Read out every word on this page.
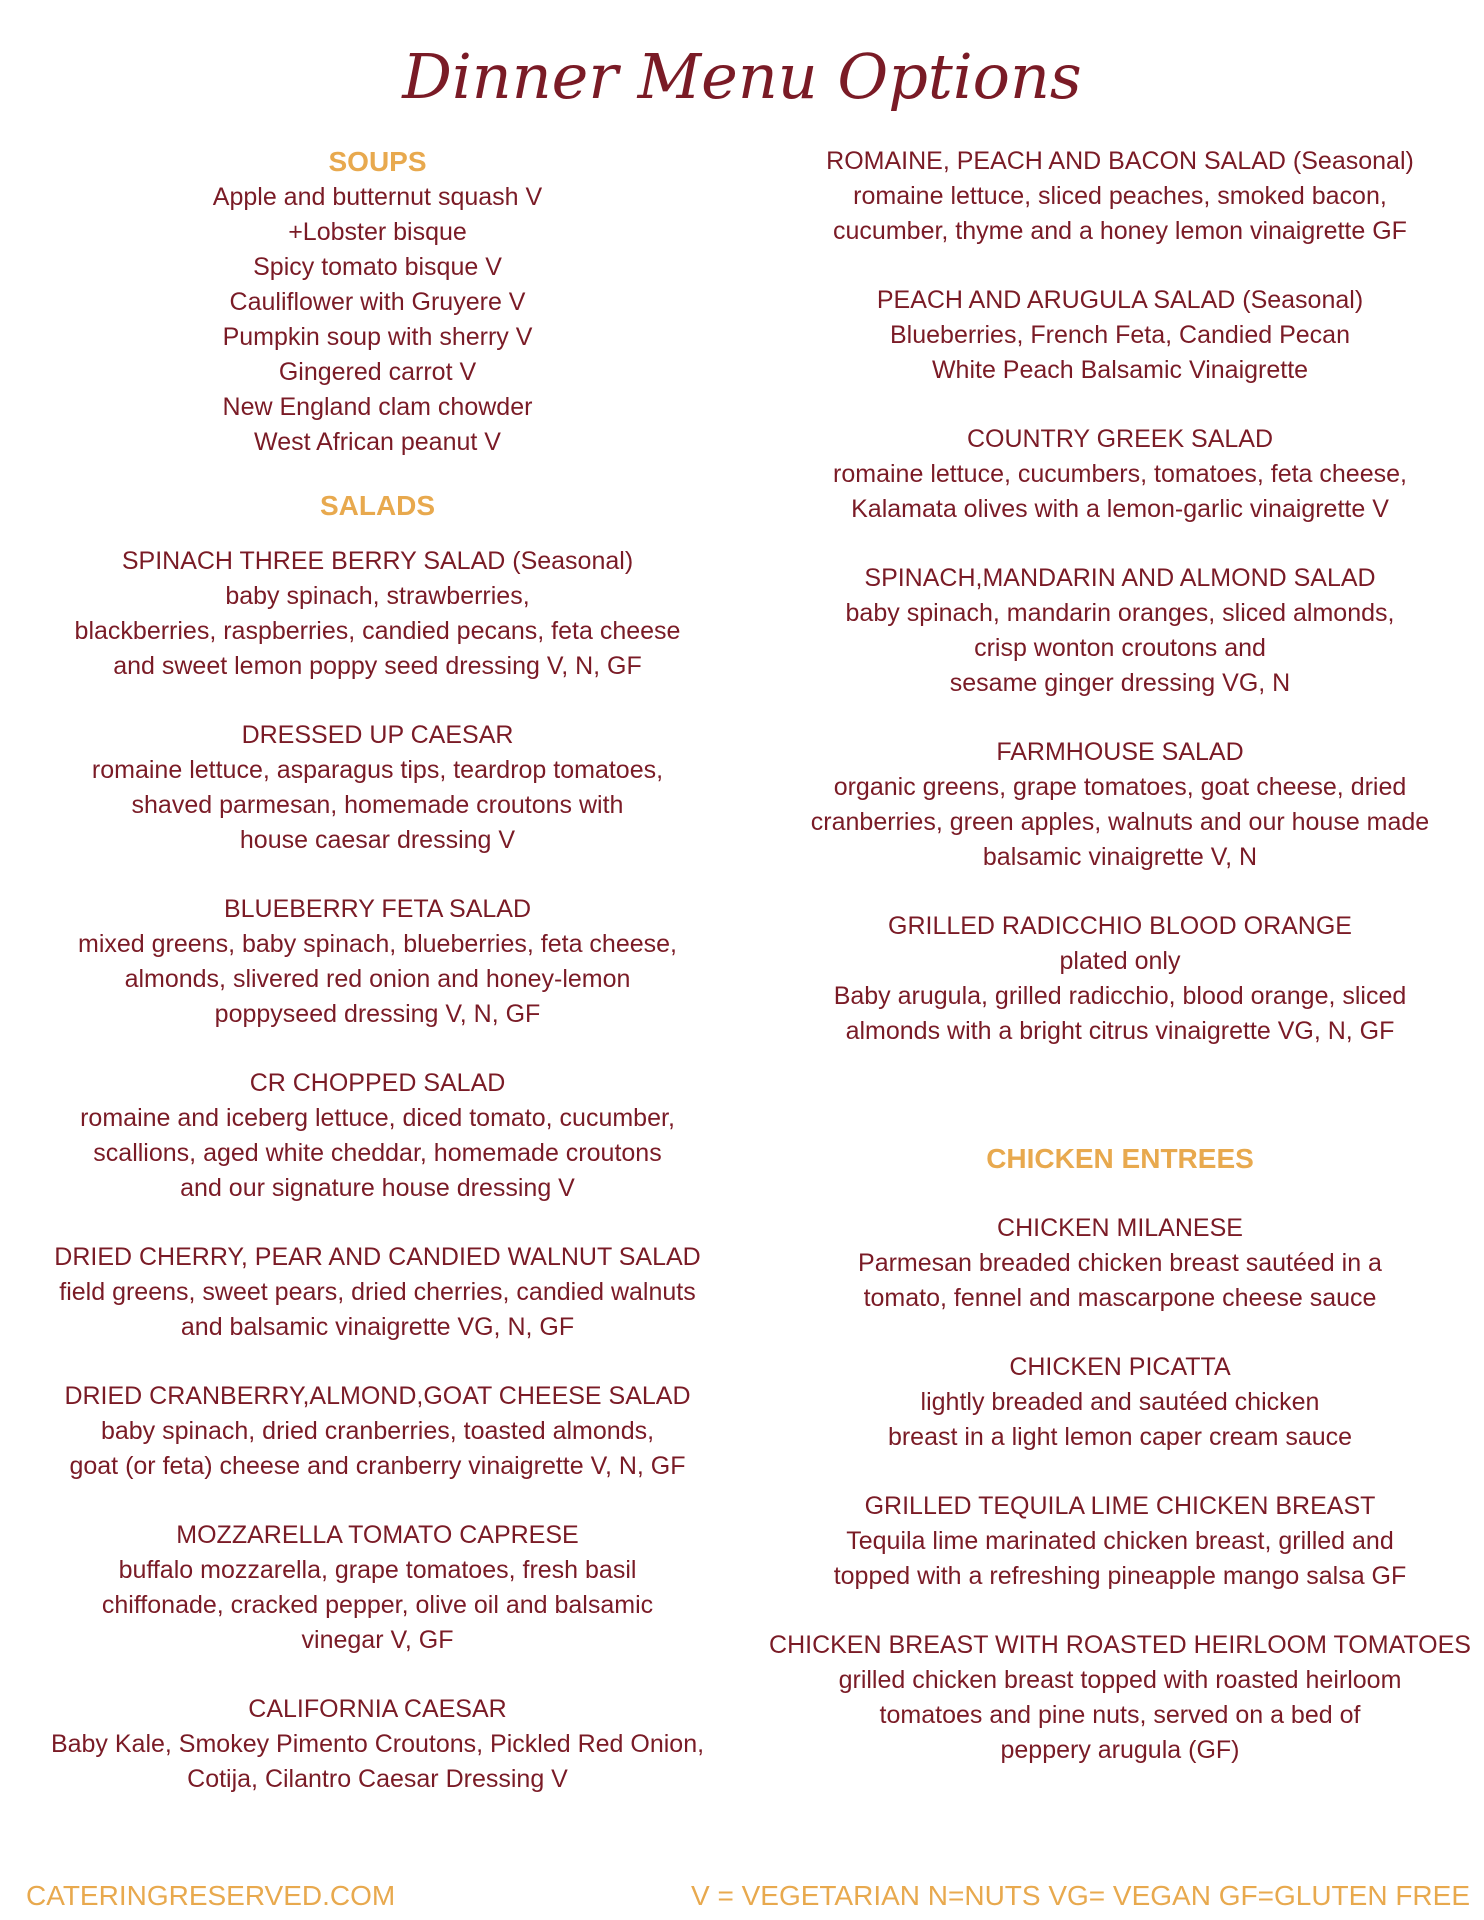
Dinner Menu Options
SOUPS
Apple and butternut squash V
+Lobster bisque
Spicy tomato bisque V
Cauliflower with Gruyere V
Pumpkin soup with sherry V
Gingered carrot V
New England clam chowder
West African peanut V
SALADS
SPINACH THREE BERRY SALAD (Seasonal)
baby spinach, strawberries,
blackberries, raspberries, candied pecans, feta cheese
and sweet lemon poppy seed dressing V, N, GF
DRESSED UP CAESAR
romaine lettuce, asparagus tips, teardrop tomatoes,
shaved parmesan, homemade croutons with
house caesar dressing V
BLUEBERRY FETA SALAD
mixed greens, baby spinach, blueberries, feta cheese,
almonds, slivered red onion and honey-lemon
poppyseed dressing V, N, GF
CR CHOPPED SALAD
romaine and iceberg lettuce, diced tomato, cucumber,
scallions, aged white cheddar, homemade croutons
and our signature house dressing V
DRIED CHERRY, PEAR AND CANDIED WALNUT SALAD
field greens, sweet pears, dried cherries, candied walnuts
and balsamic vinaigrette VG, N, GF
DRIED CRANBERRY,ALMOND,GOAT CHEESE SALAD
baby spinach, dried cranberries, toasted almonds,
goat (or feta) cheese and cranberry vinaigrette V, N, GF
MOZZARELLA TOMATO CAPRESE
buffalo mozzarella, grape tomatoes, fresh basil
chiffonade, cracked pepper, olive oil and balsamic
vinegar V, GF
CALIFORNIA CAESAR
Baby Kale, Smokey Pimento Croutons, Pickled Red Onion,
Cotija, Cilantro Caesar Dressing V
ROMAINE, PEACH AND BACON SALAD (Seasonal)
romaine lettuce, sliced peaches, smoked bacon,
cucumber, thyme and a honey lemon vinaigrette GF
PEACH AND ARUGULA SALAD (Seasonal)
Blueberries, French Feta, Candied Pecan
White Peach Balsamic Vinaigrette
COUNTRY GREEK SALAD
romaine lettuce, cucumbers, tomatoes, feta cheese,
Kalamata olives with a lemon-garlic vinaigrette V
SPINACH,MANDARIN AND ALMOND SALAD
baby spinach, mandarin oranges, sliced almonds,
crisp wonton croutons and
sesame ginger dressing VG, N
FARMHOUSE SALAD
organic greens, grape tomatoes, goat cheese, dried
cranberries, green apples, walnuts and our house made
balsamic vinaigrette V, N
GRILLED RADICCHIO BLOOD ORANGE
plated only
Baby arugula, grilled radicchio, blood orange, sliced
almonds with a bright citrus vinaigrette VG, N, GF
CHICKEN ENTREES
CHICKEN MILANESE
Parmesan breaded chicken breast sautéed in a
tomato, fennel and mascarpone cheese sauce
CHICKEN PICATTA
lightly breaded and sautéed chicken
breast in a light lemon caper cream sauce
GRILLED TEQUILA LIME CHICKEN BREAST
Tequila lime marinated chicken breast, grilled and
topped with a refreshing pineapple mango salsa GF
CHICKEN BREAST WITH ROASTED HEIRLOOM TOMATOES
grilled chicken breast topped with roasted heirloom
tomatoes and pine nuts, served on a bed of
peppery arugula (GF)
CATERINGRESERVED.COM	V = VEGETARIAN N=NUTS VG= VEGAN GF=GLUTEN FREE
